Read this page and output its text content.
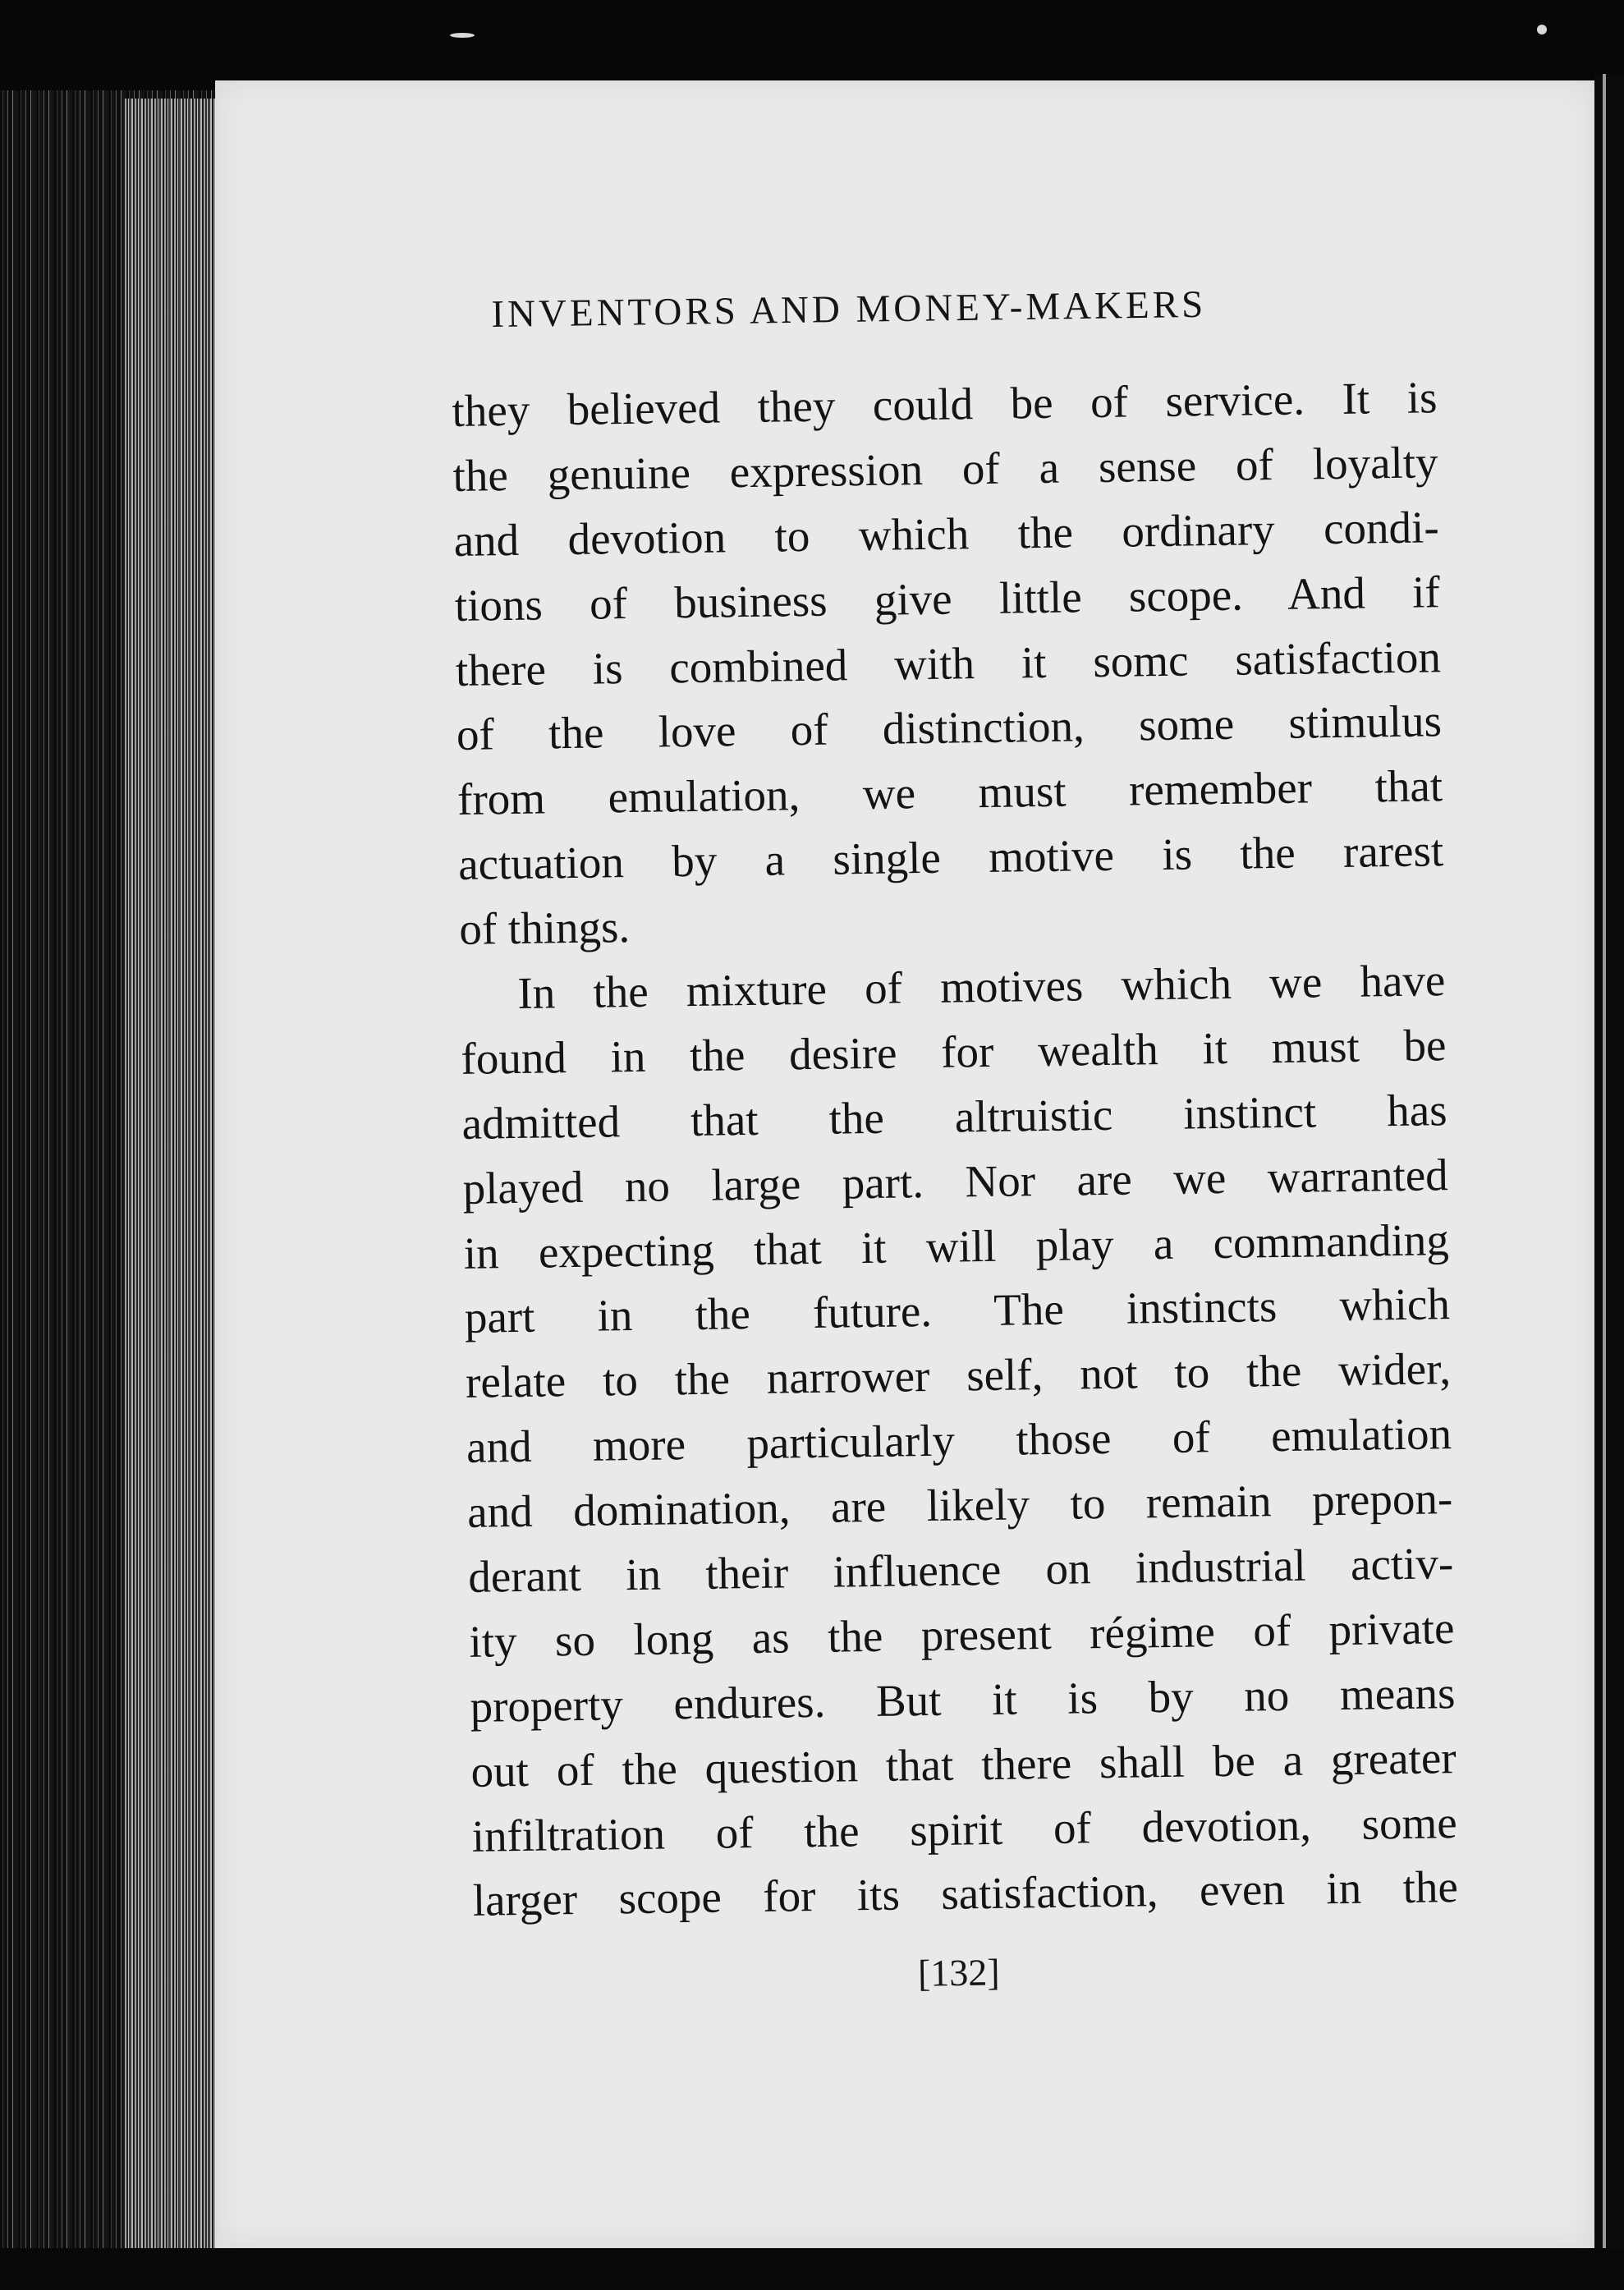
INVENTORS AND MONEY-MAKERS
they believed they could be of service. It is
the genuine expression of a sense of loyalty
and devotion to which the ordinary condi-
tions of business give little scope. And if
there is combined with it somc satisfaction
of the love of distinction, some stimulus
from emulation, we must remember that
actuation by a single motive is the rarest
of things.
In the mixture of motives which we have
found in the desire for wealth it must be
admitted that the altruistic instinct has
played no large part. Nor are we warranted
in expecting that it will play a commanding
part in the future. The instincts which
relate to the narrower self, not to the wider,
and more particularly those of emulation
and domination, are likely to remain prepon-
derant in their influence on industrial activ-
ity so long as the present régime of private
property endures. But it is by no means
out of the question that there shall be a greater
infiltration of the spirit of devotion, some
larger scope for its satisfaction, even in the
[132]
